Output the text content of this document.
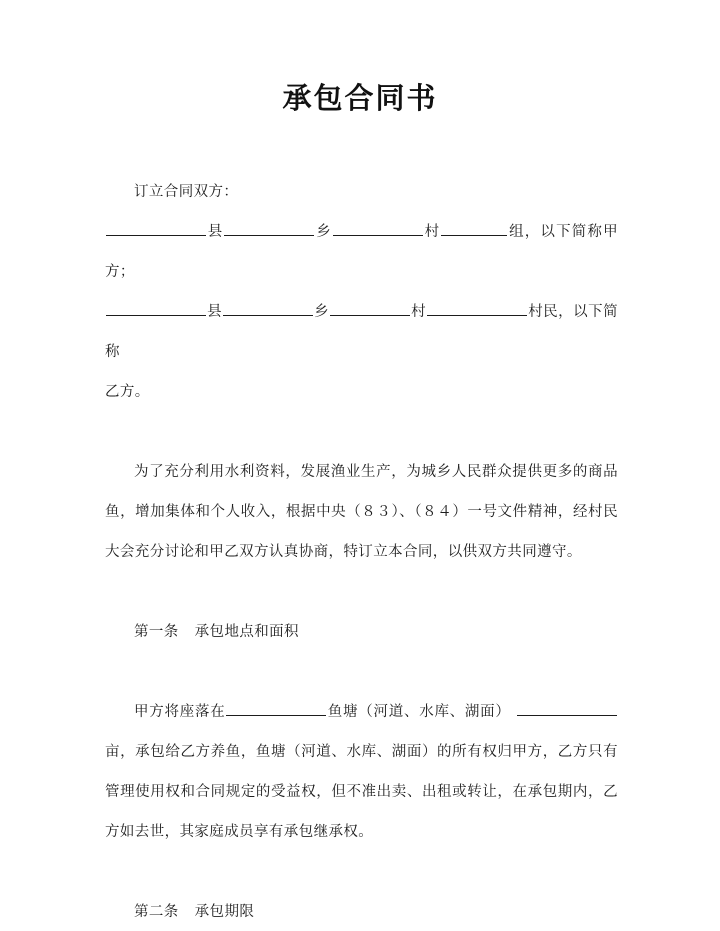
承包合同书

订立合同双方：

县	乡	村	组，以下简称甲方；

县	乡	村	村民，以下简称

乙方。

为了充分利用水利资料，发展渔业生产，为城乡人民群众提供更多的商品鱼，增加集体和个人收入，根据中央（８３）、（８４）一号文件精神，经村民大会充分讨论和甲乙双方认真协商，特订立本合同，以供双方共同遵守。

第一条 承包地点和面积

甲方将座落在	鱼塘（河道、水库、湖面） 亩，承包给乙方养鱼，鱼塘（河道、水库、湖面）的所有权归甲方，乙方只有管理使用权和合同规定的受益权，但不准出卖、出租或转让，在承包期内，乙方如去世，其家庭成员享有承包继承权。

第二条 承包期限
